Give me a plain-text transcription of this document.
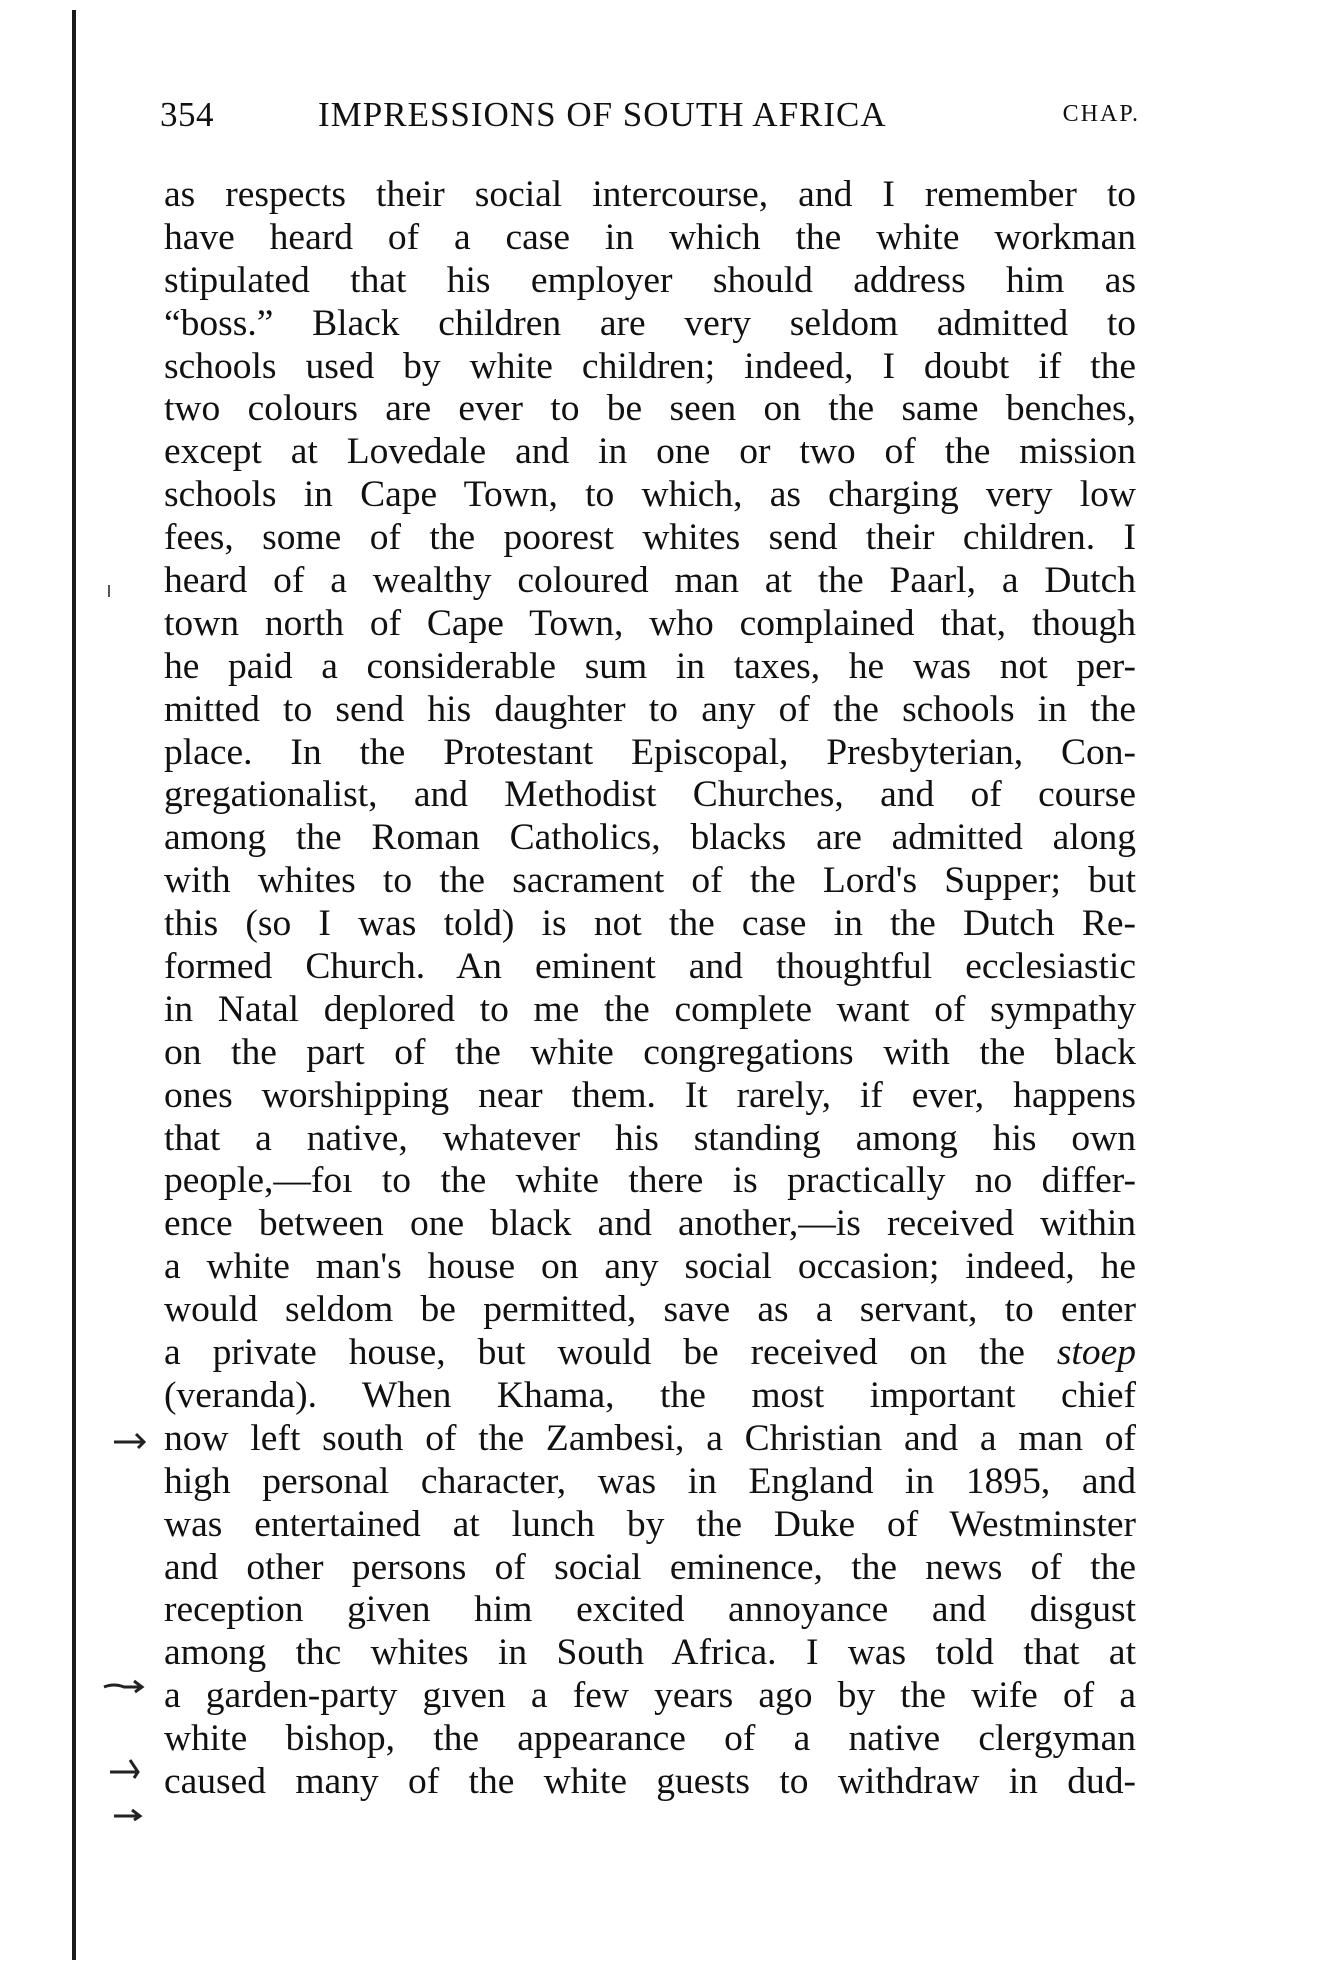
354	IMPRESSIONS OF SOUTH AFRICA	CHAP.
as respects their social intercourse, and I remember to
have heard of a case in which the white workman
stipulated that his employer should address him as
“boss.” Black children are very seldom admitted to
schools used by white children; indeed, I doubt if the
two colours are ever to be seen on the same benches,
except at Lovedale and in one or two of the mission
schools in Cape Town, to which, as charging very low
fees, some of the poorest whites send their children. I
heard of a wealthy coloured man at the Paarl, a Dutch
town north of Cape Town, who complained that, though
he paid a considerable sum in taxes, he was not per-
mitted to send his daughter to any of the schools in the
place. In the Protestant Episcopal, Presbyterian, Con-
gregationalist, and Methodist Churches, and of course
among the Roman Catholics, blacks are admitted along
with whites to the sacrament of the Lord's Supper; but
this (so I was told) is not the case in the Dutch Re-
formed Church. An eminent and thoughtful ecclesiastic
in Natal deplored to me the complete want of sympathy
on the part of the white congregations with the black
ones worshipping near them. It rarely, if ever, happens
that a native, whatever his standing among his own
people,—foı to the white there is practically no differ-
ence between one black and another,—is received within
a white man's house on any social occasion; indeed, he
would seldom be permitted, save as a servant, to enter
a private house, but would be received on the stoep
(veranda). When Khama, the most important chief
now left south of the Zambesi, a Christian and a man of
high personal character, was in England in 1895, and
was entertained at lunch by the Duke of Westminster
and other persons of social eminence, the news of the
reception given him excited annoyance and disgust
among thc whites in South Africa. I was told that at
a garden-party gıven a few years ago by the wife of a
white bishop, the appearance of a native clergyman
caused many of the white guests to withdraw in dud-
